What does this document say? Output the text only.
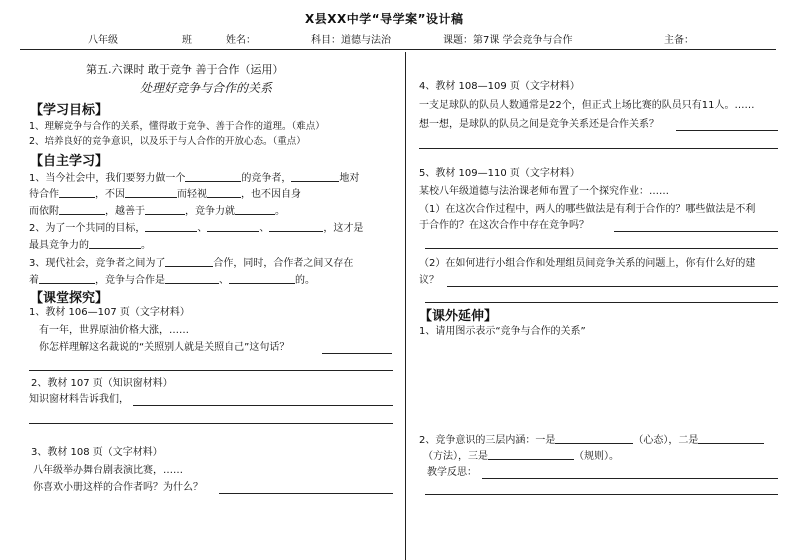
X县XX中学“导学案”设计稿
八年级	班	姓名：	科目：道德与法治	课题：第7课 学会竞争与合作	主备：
第五.六课时 敢于竞争 善于合作（运用）
处理好竞争与合作的关系
【学习目标】
1、理解竞争与合作的关系，懂得敢于竞争、善于合作的道理。（难点）
2、培养良好的竞争意识，以及乐于与人合作的开放心态。（重点）
【自主学习】
1、当今社会中，我们要努力做一个	的竞争者，	地对
待合作	，不因	而轻视	，也不因自身
而依附	，越善于	，竞争力就	。
2、为了一个共同的目标，	、	、	，这才是
最具竞争力的	。
3、现代社会，竞争者之间为了	合作，同时，合作者之间又存在
着	，竞争与合作是	、	的。
【课堂探究】
1、教材 106—107 页（文字材料）
有一年，世界原油价格大涨，……
你怎样理解这名裁说的“关照别人就是关照自己”这句话？
2、教材 107 页（知识窗材料）
知识窗材料告诉我们，
3、教材 108 页（文字材料）
八年级举办舞台剧表演比赛，……
你喜欢小册这样的合作者吗？为什么？
4、教材 108—109 页（文字材料）
一支足球队的队员人数通常是22个，但正式上场比赛的队员只有11人。……
想一想，是球队的队员之间是竞争关系还是合作关系？
5、教材 109—110 页（文字材料）
某校八年级道德与法治课老师布置了一个探究作业：……
（1）在这次合作过程中，两人的哪些做法是有利于合作的？哪些做法是不利
于合作的？在这次合作中存在竞争吗？
（2）在如何进行小组合作和处理组员间竞争关系的问题上，你有什么好的建
议？
【课外延伸】
1、请用图示表示“竞争与合作的关系”
2、竞争意识的三层内涵：一是	（心态），二是
（方法），三是	（规则）。
教学反思：
